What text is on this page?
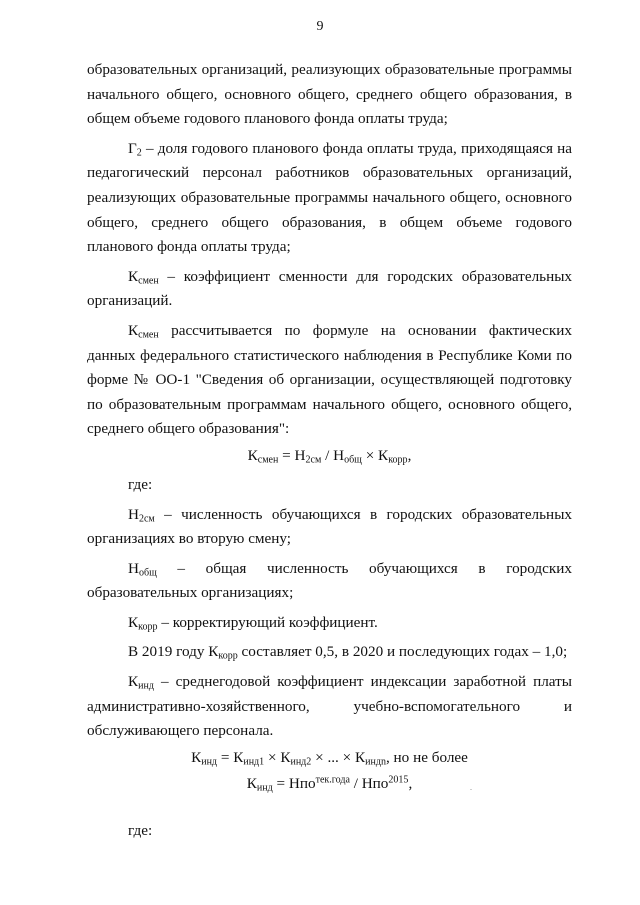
9

образовательных организаций, реализующих образовательные программы начального общего, основного общего, среднего общего образования, в общем объеме годового планового фонда оплаты труда;

$Г_2$ – доля годового планового фонда оплаты труда, приходящаяся на педагогический персонал работников образовательных организаций, реализующих образовательные программы начального общего, основного общего, среднего общего образования, в общем объеме годового планового фонда оплаты труда;

$К_{смен}$ – коэффициент сменности для городских образовательных организаций.

$К_{смен}$ рассчитывается по формуле на основании фактических данных федерального статистического наблюдения в Республике Коми по форме № ОО-1 "Сведения об организации, осуществляющей подготовку по образовательным программам начального общего, основного общего, среднего общего образования":

$К_{смен} = Н_{2см} / Н_{общ} \times К_{корр}$,

где:

$Н_{2см}$ – численность обучающихся в городских образовательных организациях во вторую смену;

$Н_{общ}$ – общая численность обучающихся в городских образовательных организациях;

$К_{корр}$ – корректирующий коэффициент.

В 2019 году $К_{корр}$ составляет 0,5, в 2020 и последующих годах – 1,0;

$К_{инд}$ – среднегодовой коэффициент индексации заработной платы административно-хозяйственного, учебно-вспомогательного и обслуживающего персонала.

$К_{инд} = К_{инд1} \times К_{инд2}$ × ... × $К_{индn}$, но не более

$К_{инд} = Нпо^{тек.года} / Нпо^{2015}$,

где:
